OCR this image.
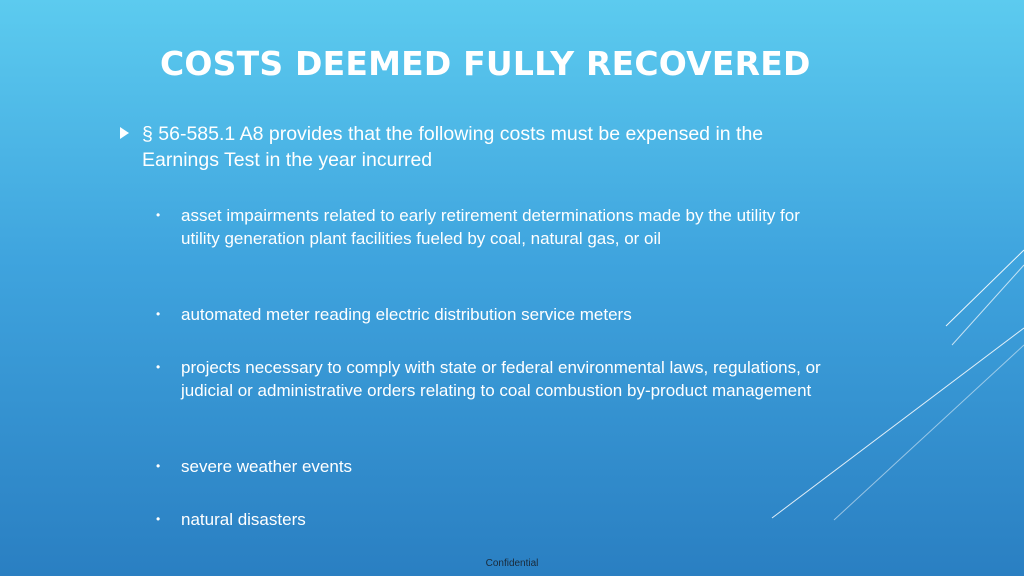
COSTS DEEMED FULLY RECOVERED
§ 56-585.1 A8 provides that the following costs must be expensed in the Earnings Test in the year incurred
• asset impairments related to early retirement determinations made by the utility for utility generation plant facilities fueled by coal, natural gas, or oil
• automated meter reading electric distribution service meters
• projects necessary to comply with state or federal environmental laws, regulations, or judicial or administrative orders relating to coal combustion by-product management
• severe weather events
• natural disasters
Confidential
